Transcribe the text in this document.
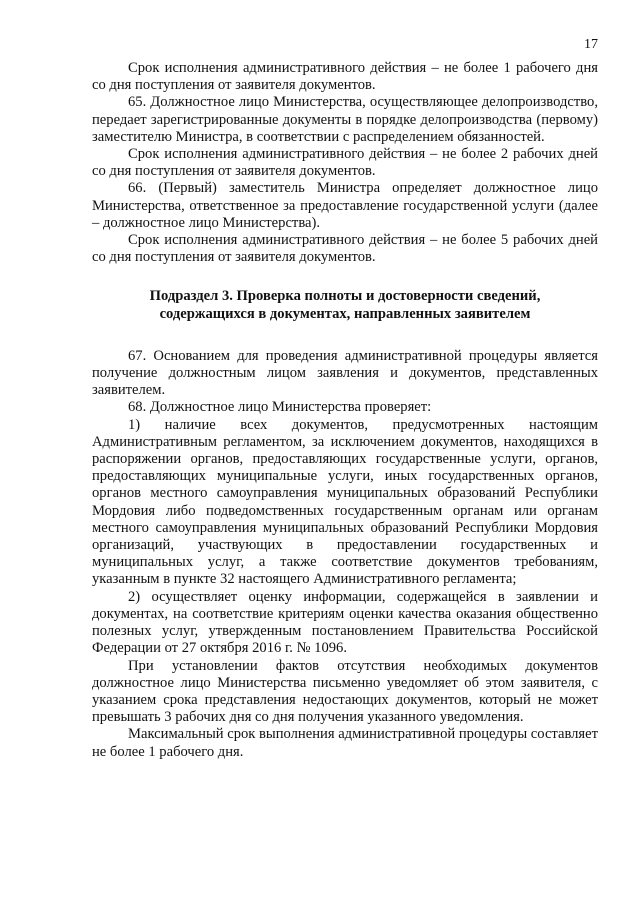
17

Срок исполнения административного действия – не более 1 рабочего дня со дня поступления от заявителя документов.

65. Должностное лицо Министерства, осуществляющее делопроизводство, передает зарегистрированные документы в порядке делопроизводства (первому) заместителю Министра, в соответствии с распределением обязанностей.

Срок исполнения административного действия – не более 2 рабочих дней со дня поступления от заявителя документов.

66. (Первый) заместитель Министра определяет должностное лицо Министерства, ответственное за предоставление государственной услуги (далее – должностное лицо Министерства).

Срок исполнения административного действия – не более 5 рабочих дней со дня поступления от заявителя документов.

Подраздел 3. Проверка полноты и достоверности сведений, содержащихся в документах, направленных заявителем

67. Основанием для проведения административной процедуры является получение должностным лицом заявления и документов, представленных заявителем.

68. Должностное лицо Министерства проверяет:

1) наличие всех документов, предусмотренных настоящим Административным регламентом, за исключением документов, находящихся в распоряжении органов, предоставляющих государственные услуги, органов, предоставляющих муниципальные услуги, иных государственных органов, органов местного самоуправления муниципальных образований Республики Мордовия либо подведомственных государственным органам или органам местного самоуправления муниципальных образований Республики Мордовия организаций, участвующих в предоставлении государственных и муниципальных услуг, а также соответствие документов требованиям, указанным в пункте 32 настоящего Административного регламента;

2) осуществляет оценку информации, содержащейся в заявлении и документах, на соответствие критериям оценки качества оказания общественно полезных услуг, утвержденным постановлением Правительства Российской Федерации от 27 октября 2016 г. № 1096.

При установлении фактов отсутствия необходимых документов должностное лицо Министерства письменно уведомляет об этом заявителя, с указанием срока представления недостающих документов, который не может превышать 3 рабочих дня со дня получения указанного уведомления.

Максимальный срок выполнения административной процедуры составляет не более 1 рабочего дня.
